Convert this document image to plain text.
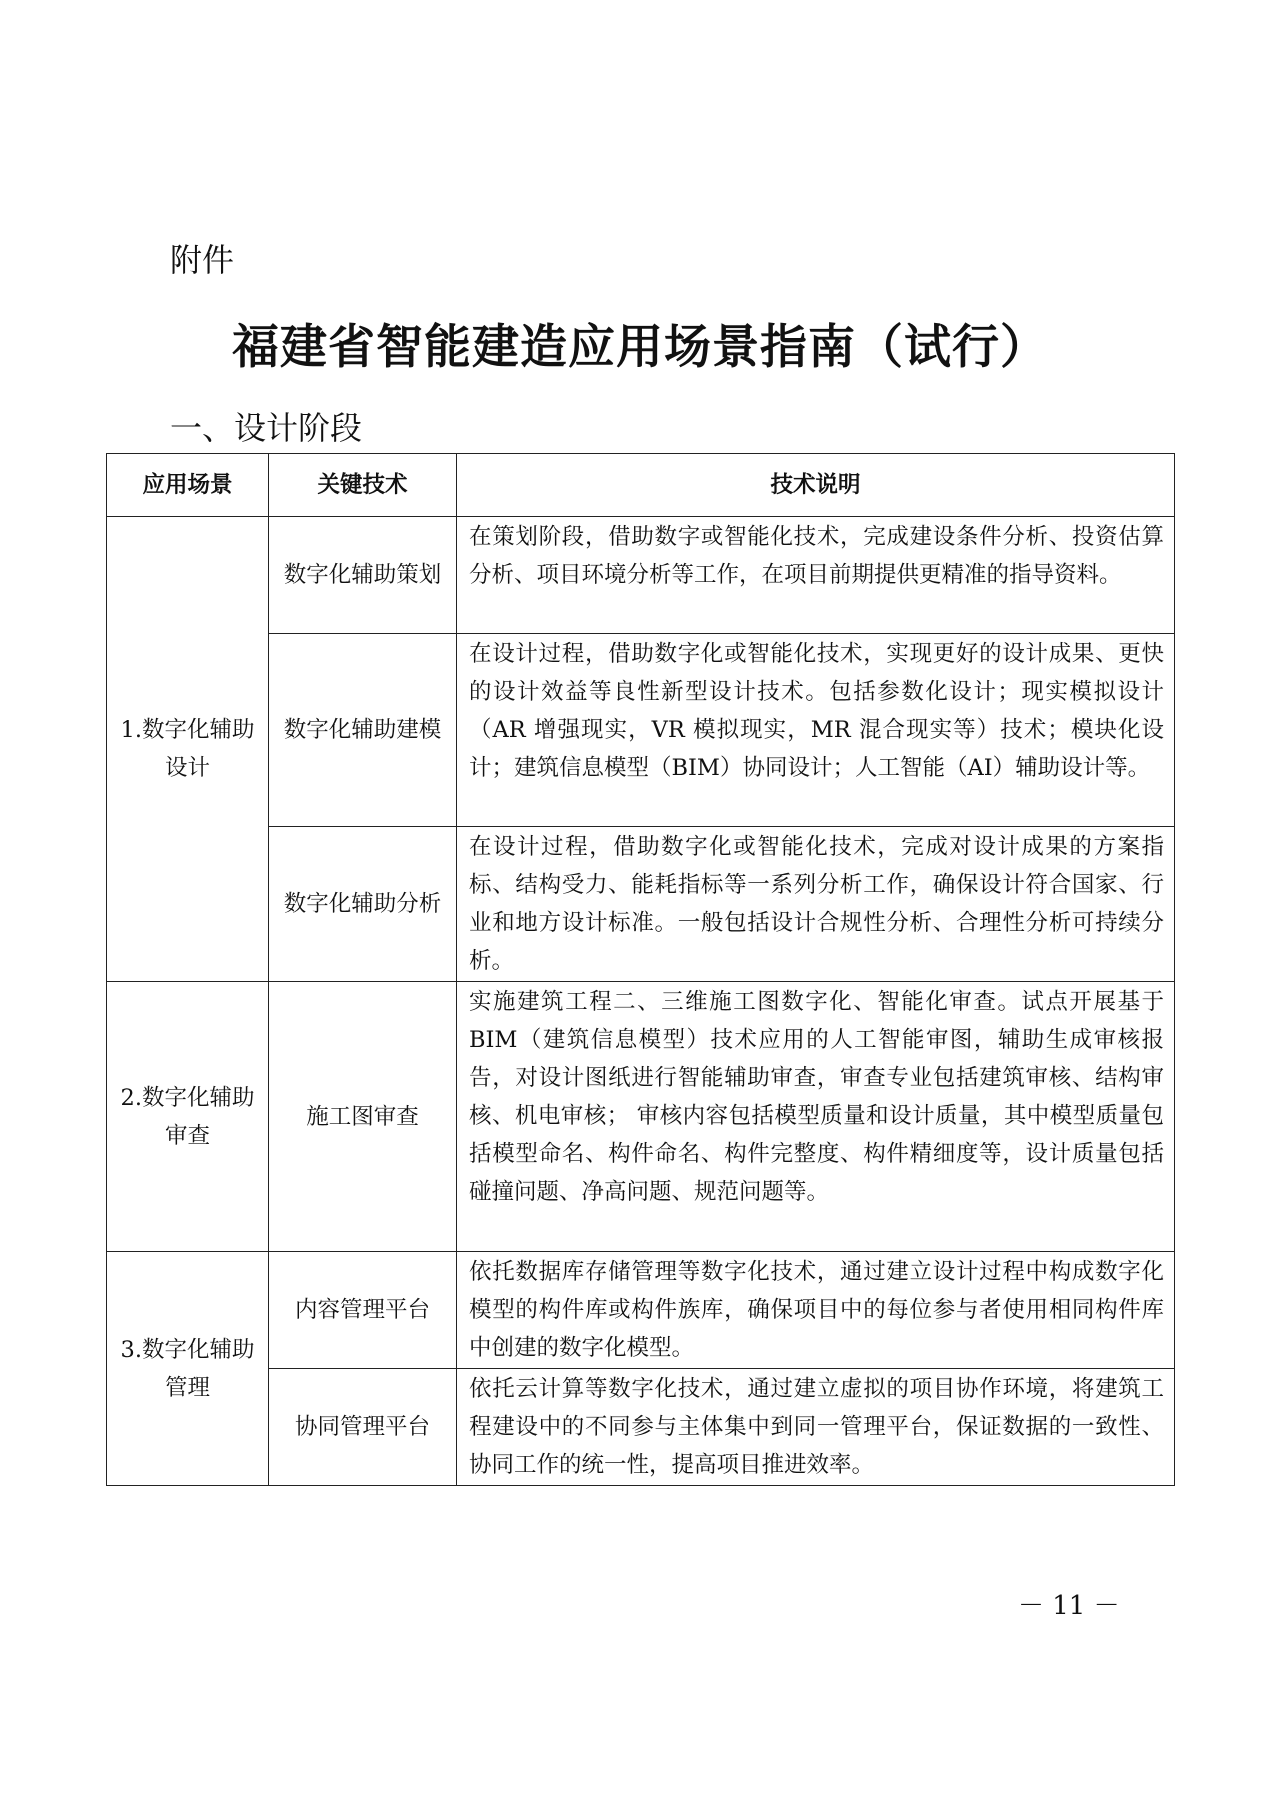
附件
福建省智能建造应用场景指南（试行）
一、设计阶段
应用场景	关键技术	技术说明
1.数字化辅助设计	数字化辅助策划	在策划阶段，借助数字或智能化技术，完成建设条件分析、投资估算分析、项目环境分析等工作，在项目前期提供更精准的指导资料。
	数字化辅助建模	在设计过程，借助数字化或智能化技术，实现更好的设计成果、更快的设计效益等良性新型设计技术。包括参数化设计；现实模拟设计（AR 增强现实，VR 模拟现实，MR 混合现实等）技术；模块化设计；建筑信息模型（BIM）协同设计；人工智能（AI）辅助设计等。
	数字化辅助分析	在设计过程，借助数字化或智能化技术，完成对设计成果的方案指标、结构受力、能耗指标等一系列分析工作，确保设计符合国家、行业和地方设计标准。一般包括设计合规性分析、合理性分析可持续分析。
2.数字化辅助审查	施工图审查	实施建筑工程二、三维施工图数字化、智能化审查。试点开展基于 BIM（建筑信息模型）技术应用的人工智能审图，辅助生成审核报告，对设计图纸进行智能辅助审查，审查专业包括建筑审核、结构审核、机电审核； 审核内容包括模型质量和设计质量，其中模型质量包括模型命名、构件命名、构件完整度、构件精细度等，设计质量包括碰撞问题、净高问题、规范问题等。
3.数字化辅助管理	内容管理平台	依托数据库存储管理等数字化技术，通过建立设计过程中构成数字化模型的构件库或构件族库，确保项目中的每位参与者使用相同构件库中创建的数字化模型。
	协同管理平台	依托云计算等数字化技术，通过建立虚拟的项目协作环境，将建筑工程建设中的不同参与主体集中到同一管理平台，保证数据的一致性、协同工作的统一性，提高项目推进效率。
－ 11 －
